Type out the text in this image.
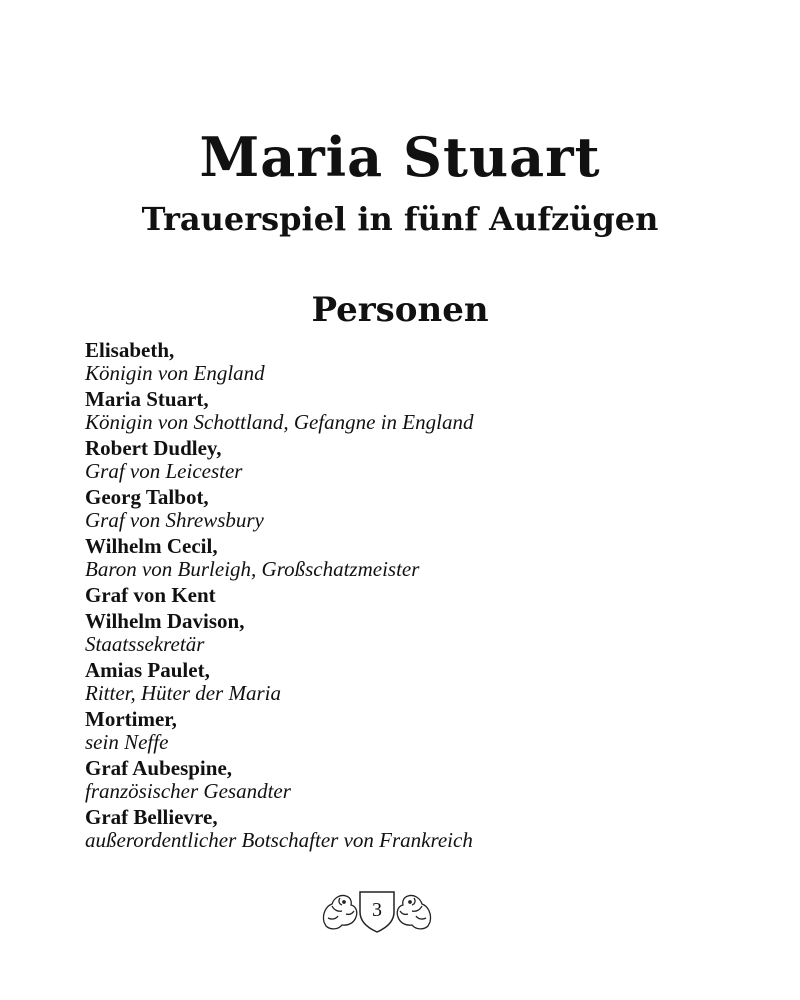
Maria Stuart
Trauerspiel in fünf Aufzügen
Personen
Elisabeth,
Königin von England
Maria Stuart,
Königin von Schottland, Gefangne in England
Robert Dudley,
Graf von Leicester
Georg Talbot,
Graf von Shrewsbury
Wilhelm Cecil,
Baron von Burleigh, Großschatzmeister
Graf von Kent
Wilhelm Davison,
Staatssekretär
Amias Paulet,
Ritter, Hüter der Maria
Mortimer,
sein Neffe
Graf Aubespine,
französischer Gesandter
Graf Bellievre,
außerordentlicher Botschafter von Frankreich
3
